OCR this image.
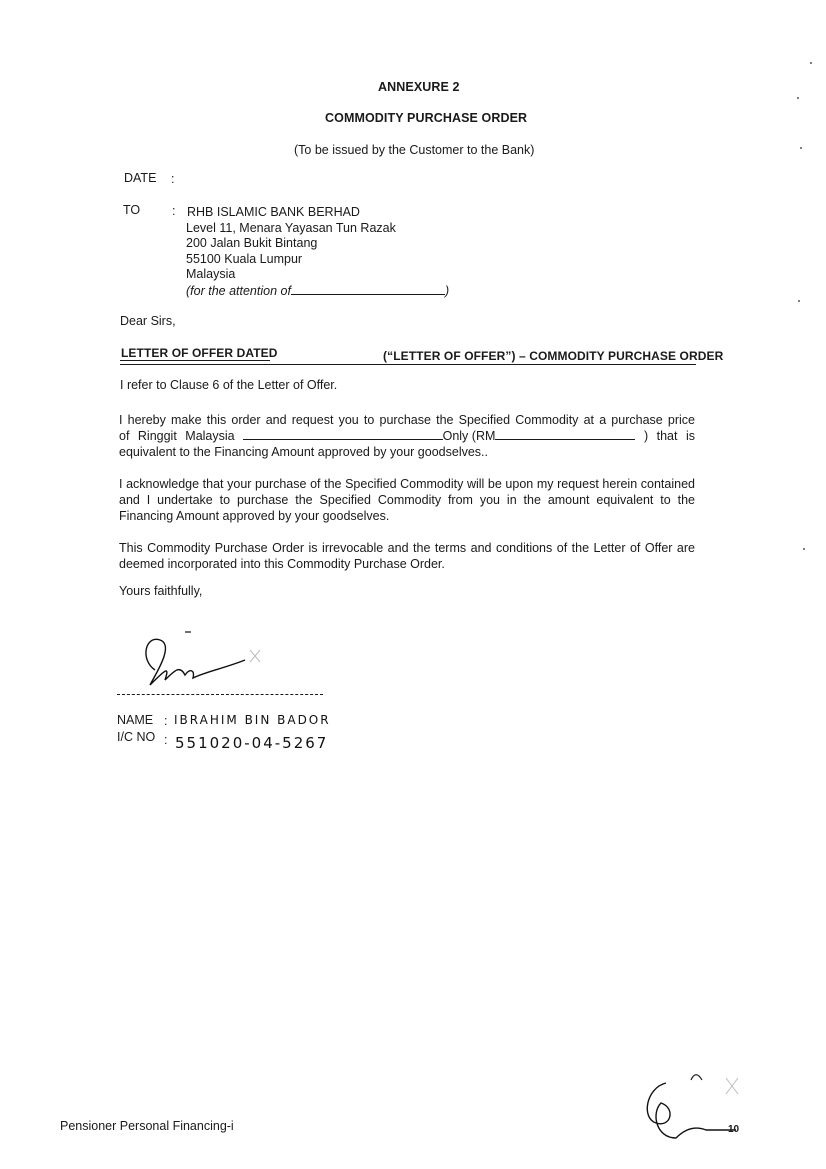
ANNEXURE 2
COMMODITY PURCHASE ORDER
(To be issued by the Customer to the Bank)
DATE :
TO	: RHB ISLAMIC BANK BERHAD
Level 11, Menara Yayasan Tun Razak
200 Jalan Bukit Bintang
55100 Kuala Lumpur
Malaysia
(for the attention of	)
Dear Sirs,
LETTER OF OFFER DATED	(“LETTER OF OFFER”) – COMMODITY PURCHASE ORDER
I refer to Clause 6 of the Letter of Offer.
I hereby make this order and request you to purchase the Specified Commodity at a purchase price
of Ringgit Malaysia	Only (RM	) that is
equivalent to the Financing Amount approved by your goodselves..
I acknowledge that your purchase of the Specified Commodity will be upon my request herein contained and I undertake to purchase the Specified Commodity from you in the amount equivalent to the Financing Amount approved by your goodselves.
This Commodity Purchase Order is irrevocable and the terms and conditions of the Letter of Offer are deemed incorporated into this Commodity Purchase Order.
Yours faithfully,
NAME : IBRAHIM BIN BADOR
I/C NO : 551020-04-5267
Pensioner Personal Financing-i	10
